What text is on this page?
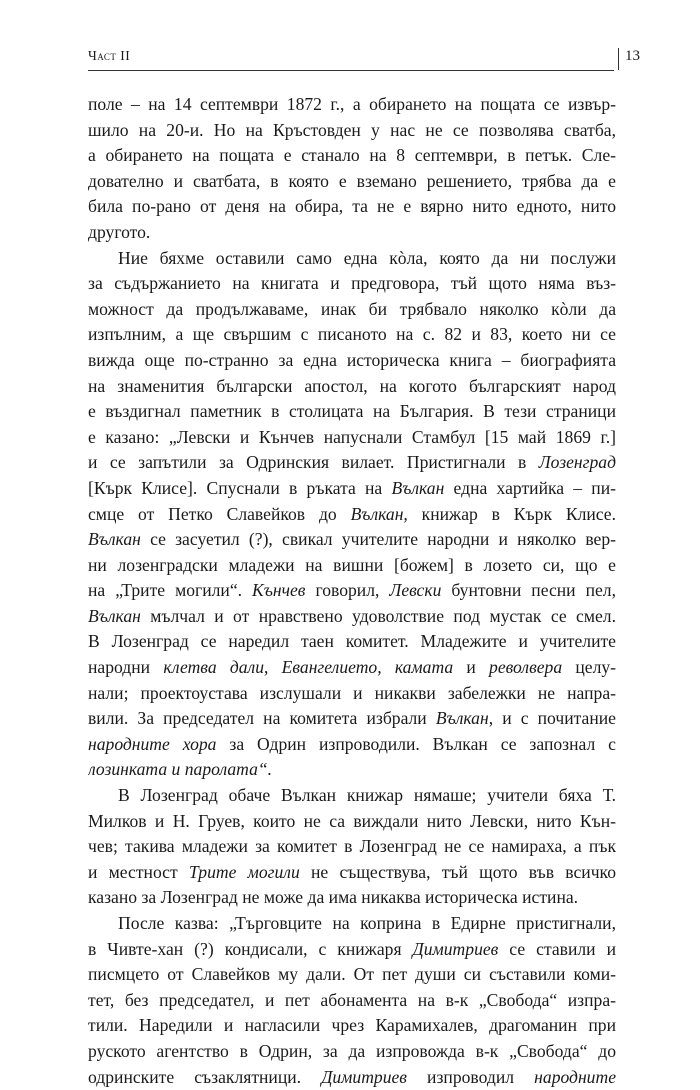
Част II	13
поле – на 14 септември 1872 г., а обирането на пощата се извър-
шило на 20-и. Но на Кръстовден у нас не се позволява сватба,
а обирането на пощата е станало на 8 септември, в петък. Сле-
дователно и сватбата, в която е вземано решението, трябва да е
била по-рано от деня на обира, та не е вярно нито едното, нито
другото.
Ние бяхме оставили само една кòла, която да ни послужи
за съдържанието на книгата и предговора, тъй щото няма въз-
можност да продължаваме, инак би трябвало няколко кòли да
изпълним, а ще свършим с писаното на с. 82 и 83, което ни се
вижда още по-странно за една историческа книга – биографията
на знаменития български апостол, на когото българският народ
е въздигнал паметник в столицата на България. В тези страници
е казано: „Левски и Кънчев напуснали Стамбул [15 май 1869 г.]
и се запътили за Одринския вилает. Пристигнали в Лозенград
[Кърк Клисе]. Спуснали в ръката на Вълкан една хартийка – пи-
смце от Петко Славейков до Вълкан, книжар в Кърк Клисе.
Вълкан се засуетил (?), свикал учителите народни и няколко вер-
ни лозенградски младежи на вишни [божем] в лозето си, що е
на „Трите могили“. Кънчев говорил, Левски бунтовни песни пел,
Вълкан мълчал и от нравствено удоволствие под мустак се смел.
В Лозенград се наредил таен комитет. Младежите и учителите
народни клетва дали, Евангелието, камата и револвера целу-
нали; проектоустава изслушали и никакви забележки не напра-
вили. За председател на комитета избрали Вълкан, и с почитание
народните хора за Одрин изпроводили. Вълкан се запознал с
лозинката и паролата“.
В Лозенград обаче Вълкан книжар нямаше; учители бяха Т.
Милков и Н. Груев, които не са виждали нито Левски, нито Кън-
чев; такива младежи за комитет в Лозенград не се намираха, а пък
и местност Трите могили не съществува, тъй щото във всичко
казано за Лозенград не може да има никаква историческа истина.
После казва: „Търговците на коприна в Едирне пристигнали,
в Чивте-хан (?) кондисали, с книжаря Димитриев се ставили и
писмцето от Славейков му дали. От пет души си съставили коми-
тет, без председател, и пет абонамента на в-к „Свобода“ изпра-
тили. Наредили и нагласили чрез Карамихалев, драгоманин при
руското агентство в Одрин, за да изпровожда в-к „Свобода“ до
одринските съзаклятници. Димитриев изпроводил народните
